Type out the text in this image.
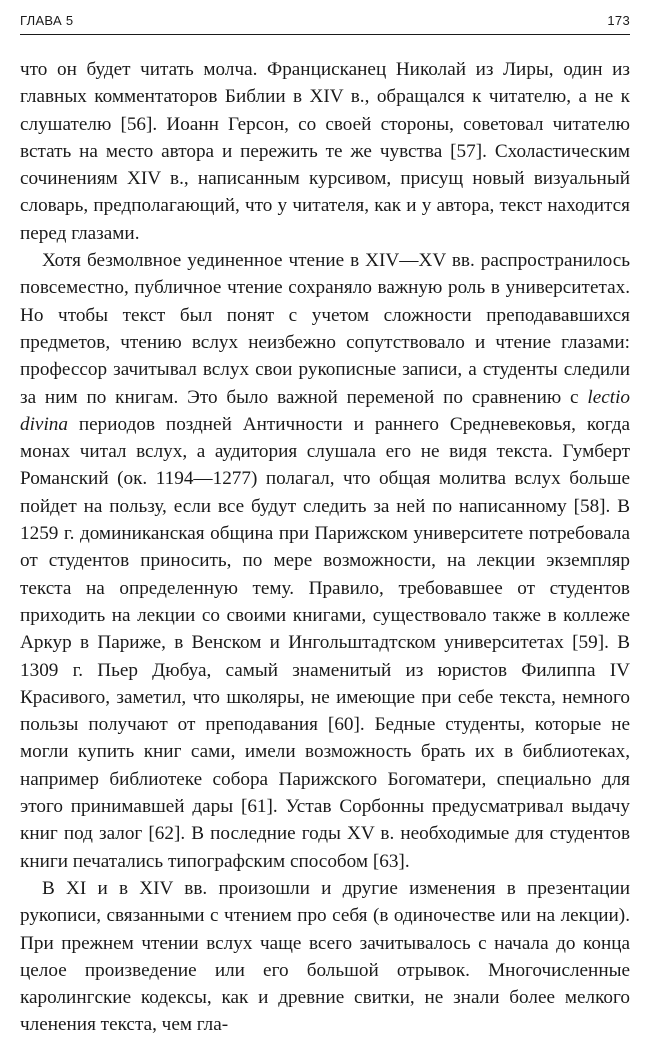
ГЛАВА 5	173

что он будет читать молча. Францисканец Николай из Лиры, один из главных комментаторов Библии в XIV в., обращался к читателю, а не к слушателю [56]. Иоанн Герсон, со своей стороны, советовал читателю встать на место автора и пережить те же чувства [57]. Схоластическим сочинениям XIV в., написанным курсивом, присущ новый визуальный словарь, предполагающий, что у читателя, как и у автора, текст находится перед глазами.

Хотя безмолвное уединенное чтение в XIV—XV вв. распространилось повсеместно, публичное чтение сохраняло важную роль в университетах. Но чтобы текст был понят с учетом сложности преподававшихся предметов, чтению вслух неизбежно сопутствовало и чтение глазами: профессор зачитывал вслух свои рукописные записи, а студенты следили за ним по книгам. Это было важной переменой по сравнению с lectio divina периодов поздней Античности и раннего Средневековья, когда монах читал вслух, а аудитория слушала его не видя текста. Гумберт Романский (ок. 1194—1277) полагал, что общая молитва вслух больше пойдет на пользу, если все будут следить за ней по написанному [58]. В 1259 г. доминиканская община при Парижском университете потребовала от студентов приносить, по мере возможности, на лекции экземпляр текста на определенную тему. Правило, требовавшее от студентов приходить на лекции со своими книгами, существовало также в коллеже Аркур в Париже, в Венском и Ингольштадтском университетах [59]. В 1309 г. Пьер Дюбуа, самый знаменитый из юристов Филиппа IV Красивого, заметил, что школяры, не имеющие при себе текста, немного пользы получают от преподавания [60]. Бедные студенты, которые не могли купить книг сами, имели возможность брать их в библиотеках, например библиотеке собора Парижского Богоматери, специально для этого принимавшей дары [61]. Устав Сорбонны предусматривал выдачу книг под залог [62]. В последние годы XV в. необходимые для студентов книги печатались типографским способом [63].

В XI и в XIV вв. произошли и другие изменения в презентации рукописи, связанными с чтением про себя (в одиночестве или на лекции). При прежнем чтении вслух чаще всего зачитывалось с начала до конца целое произведение или его большой отрывок. Многочисленные каролингские кодексы, как и древние свитки, не знали более мелкого членения текста, чем гла-
